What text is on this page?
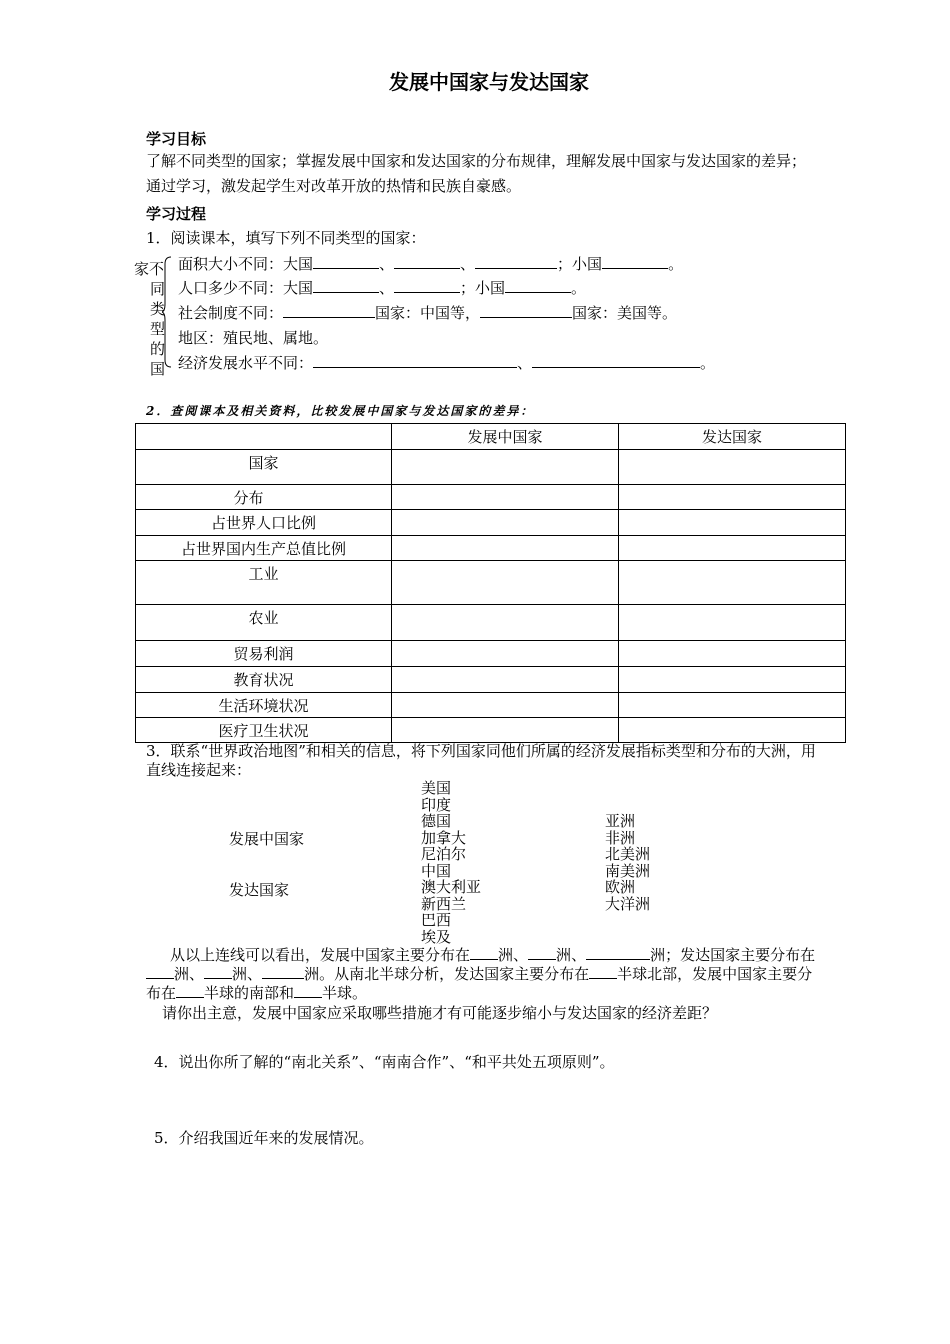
发展中国家与发达国家
学习目标
了解不同类型的国家；掌握发展中国家和发达国家的分布规律，理解发展中国家与发达国家的差异；通过学习，激发起学生对改革开放的热情和民族自豪感。
学习过程
1．阅读课本，填写下列不同类型的国家：
家不
同
类
型
的
国
面积大小不同：大国	、	、	；小国	。
人口多少不同：大国	、	；小国	。
社会制度不同：	国家：中国等，	国家：美国等。
地区：殖民地、属地。
经济发展水平不同：	、	。
2．查阅课本及相关资料，比较发展中国家与发达国家的差异：
	发展中国家	发达国家
国家		
分布		
占世界人口比例		
占世界国内生产总值比例		
工业		
农业		
贸易利润		
教育状况		
生活环境状况		
医疗卫生状况		
3．联系“世界政治地图”和相关的信息，将下列国家同他们所属的经济发展指标类型和分布的大洲，用直线连接起来：
发展中国家
发达国家
美国
印度
德国
加拿大
尼泊尔
中国
澳大利亚
新西兰
巴西
埃及
亚洲
非洲
北美洲
南美洲
欧洲
大洋洲
从以上连线可以看出，发展中国家主要分布在 洲、 洲、	洲；发达国家主要分布在洲、 洲、	洲。从南北半球分析，发达国家主要分布在 半球北部，发展中国家主要分布在 半球的南部和 半球。
请你出主意，发展中国家应采取哪些措施才有可能逐步缩小与发达国家的经济差距？
4．说出你所了解的“南北关系”、“南南合作”、“和平共处五项原则”。
5．介绍我国近年来的发展情况。
